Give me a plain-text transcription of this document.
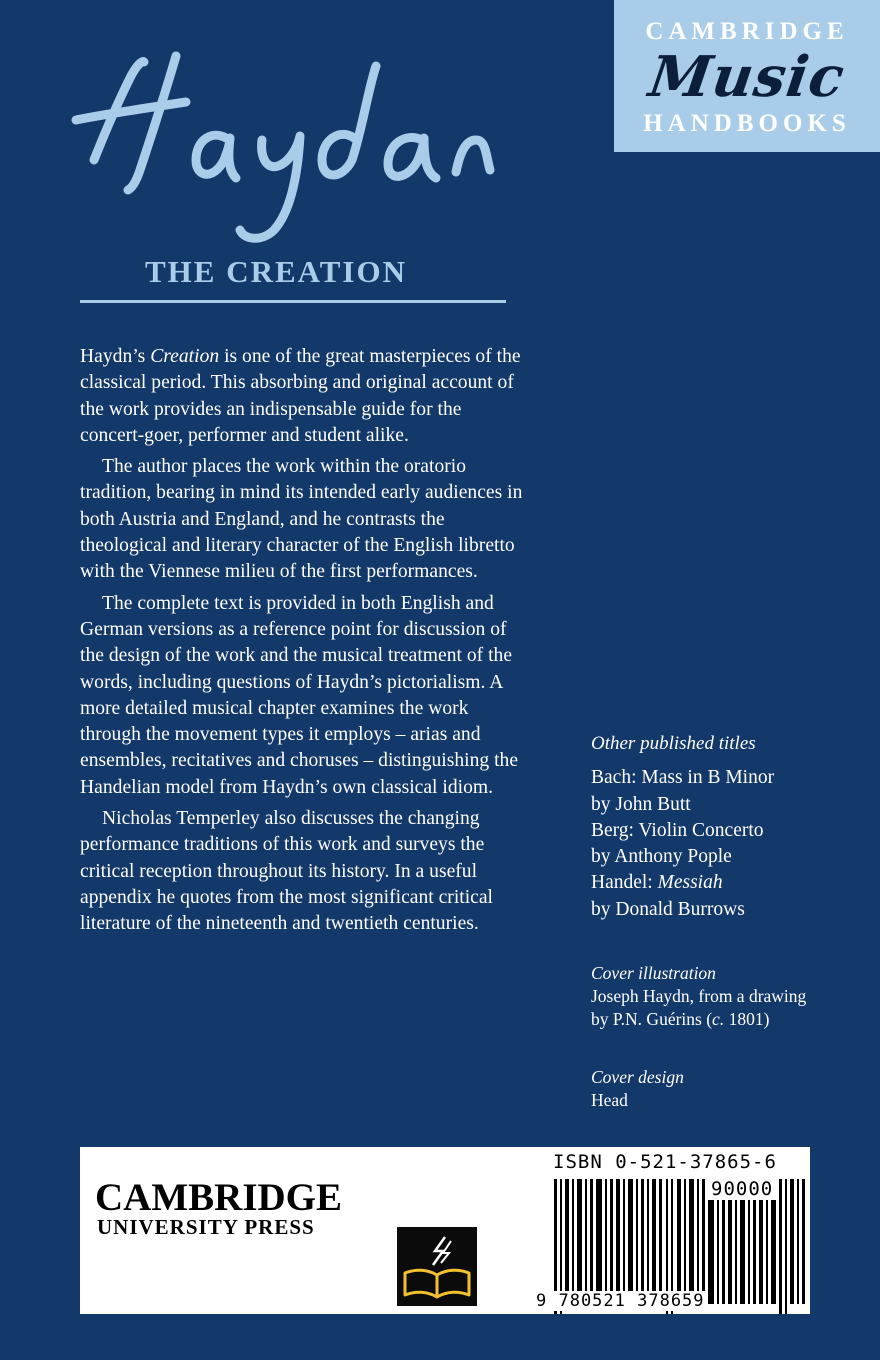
CAMBRIDGE
Music
HANDBOOKS
THE CREATION

Haydn’s Creation is one of the great masterpieces of the classical period. This absorbing and original account of the work provides an indispensable guide for the concert-goer, performer and student alike.

The author places the work within the oratorio tradition, bearing in mind its intended early audiences in both Austria and England, and he contrasts the theological and literary character of the English libretto with the Viennese milieu of the first performances.

The complete text is provided in both English and German versions as a reference point for discussion of the design of the work and the musical treatment of the words, including questions of Haydn’s pictorialism. A more detailed musical chapter examines the work through the movement types it employs – arias and ensembles, recitatives and choruses – distinguishing the Handelian model from Haydn’s own classical idiom.

Nicholas Temperley also discusses the changing performance traditions of this work and surveys the critical reception throughout its history. In a useful appendix he quotes from the most significant critical literature of the nineteenth and twentieth centuries.

Other published titles
Bach: Mass in B Minor
by John Butt
Berg: Violin Concerto
by Anthony Pople
Handel: Messiah
by Donald Burrows
Cover illustration
Joseph Haydn, from a drawing
by P.N. Guérins (c. 1801)
Cover design
Head
CAMBRIDGE
UNIVERSITY PRESS
ISBN 0-521-37865-6
90000
9 780521 378659
